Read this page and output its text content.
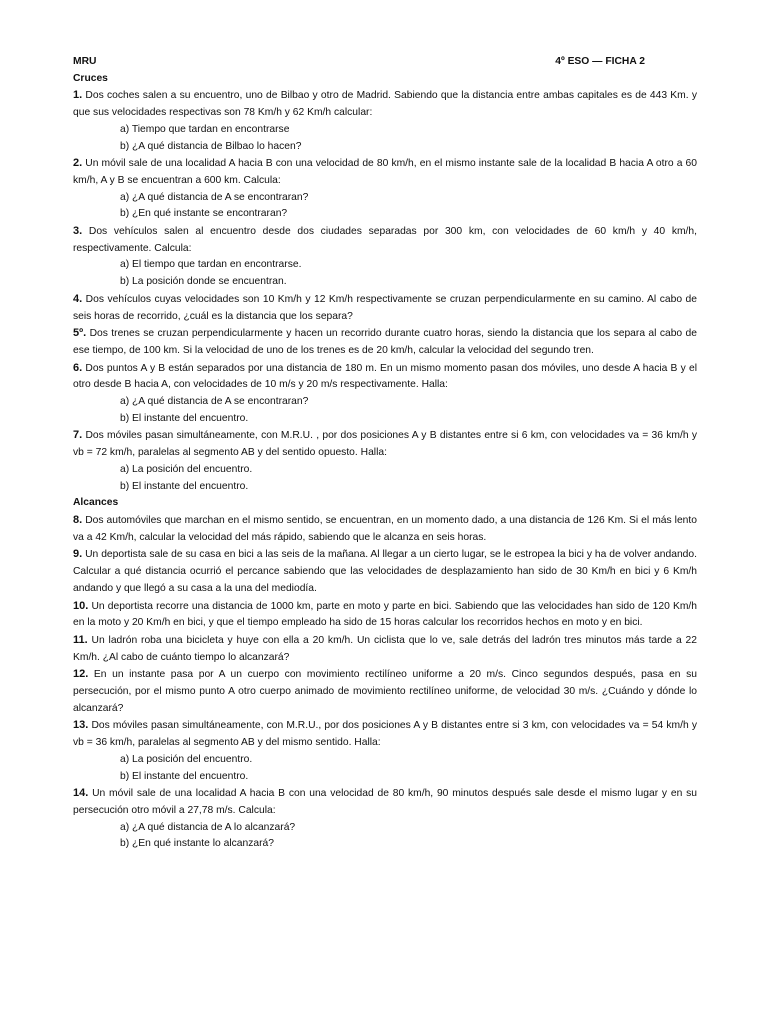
MRU	4º ESO — FICHA 2
Cruces

1. Dos coches salen a su encuentro, uno de Bilbao y otro de Madrid. Sabiendo que la distancia entre ambas capitales es de 443 Km. y que sus velocidades respectivas son 78 Km/h y 62 Km/h calcular:

a) Tiempo que tardan en encontrarse
b) ¿A qué distancia de Bilbao lo hacen?

2. Un móvil sale de una localidad A hacia B con una velocidad de 80 km/h, en el mismo instante sale de la localidad B hacia A otro a 60 km/h, A y B se encuentran a 600 km. Calcula:

a) ¿A qué distancia de A se encontraran?
b) ¿En qué instante se encontraran?

3. Dos vehículos salen al encuentro desde dos ciudades separadas por 300 km, con velocidades de 60 km/h y 40 km/h, respectivamente. Calcula:

a) El tiempo que tardan en encontrarse.
b) La posición donde se encuentran.

4. Dos vehículos cuyas velocidades son 10 Km/h y 12 Km/h respectivamente se cruzan perpendicularmente en su camino. Al cabo de seis horas de recorrido, ¿cuál es la distancia que los separa?

5º. Dos trenes se cruzan perpendicularmente y hacen un recorrido durante cuatro horas, siendo la distancia que los separa al cabo de ese tiempo, de 100 km. Si la velocidad de uno de los trenes es de 20 km/h, calcular la velocidad del segundo tren.

6. Dos puntos A y B están separados por una distancia de 180 m. En un mismo momento pasan dos móviles, uno desde A hacia B y el otro desde B hacia A, con velocidades de 10 m/s y 20 m/s respectivamente. Halla:

a) ¿A qué distancia de A se encontraran?
b) El instante del encuentro.

7. Dos móviles pasan simultáneamente, con M.R.U. , por dos posiciones A y B distantes entre si 6 km, con velocidades va = 36 km/h y vb = 72 km/h, paralelas al segmento AB y del sentido opuesto. Halla:

a) La posición del encuentro.
b) El instante del encuentro.
Alcances

8. Dos automóviles que marchan en el mismo sentido, se encuentran, en un momento dado, a una distancia de 126 Km. Si el más lento va a 42 Km/h, calcular la velocidad del más rápido, sabiendo que le alcanza en seis horas.

9. Un deportista sale de su casa en bici a las seis de la mañana. Al llegar a un cierto lugar, se le estropea la bici y ha de volver andando. Calcular a qué distancia ocurrió el percance sabiendo que las velocidades de desplazamiento han sido de 30 Km/h en bici y 6 Km/h andando y que llegó a su casa a la una del mediodía.

10. Un deportista recorre una distancia de 1000 km, parte en moto y parte en bici. Sabiendo que las velocidades han sido de 120 Km/h en la moto y 20 Km/h en bici, y que el tiempo empleado ha sido de 15 horas calcular los recorridos hechos en moto y en bici.

11. Un ladrón roba una bicicleta y huye con ella a 20 km/h. Un ciclista que lo ve, sale detrás del ladrón tres minutos más tarde a 22 Km/h. ¿Al cabo de cuánto tiempo lo alcanzará?

12. En un instante pasa por A un cuerpo con movimiento rectilíneo uniforme a 20 m/s. Cinco segundos después, pasa en su persecución, por el mismo punto A otro cuerpo animado de movimiento rectilíneo uniforme, de velocidad 30 m/s. ¿Cuándo y dónde lo alcanzará?

13. Dos móviles pasan simultáneamente, con M.R.U., por dos posiciones A y B distantes entre si 3 km, con velocidades va = 54 km/h y vb = 36 km/h, paralelas al segmento AB y del mismo sentido. Halla:

a) La posición del encuentro.
b) El instante del encuentro.

14. Un móvil sale de una localidad A hacia B con una velocidad de 80 km/h, 90 minutos después sale desde el mismo lugar y en su persecución otro móvil a 27,78 m/s. Calcula:

a) ¿A qué distancia de A lo alcanzará?
b) ¿En qué instante lo alcanzará?
